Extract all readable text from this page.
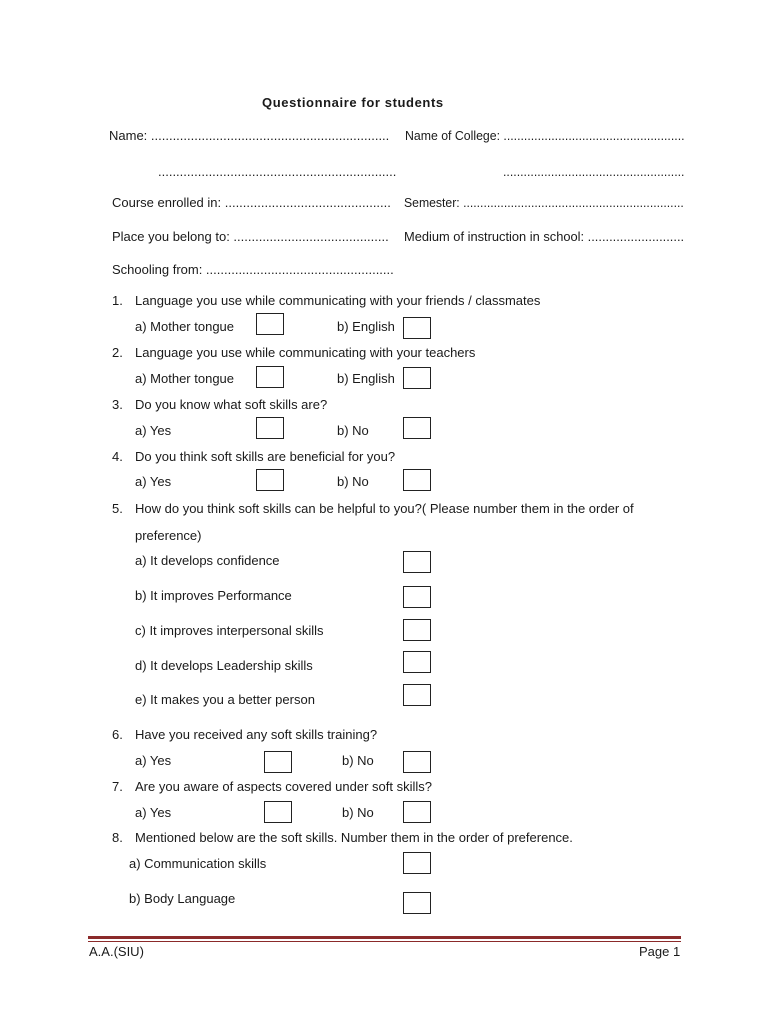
Questionnaire for students
Name: ..................................................................
..................................................................
Name of College: .....................................................
.....................................................
Course enrolled in: .............................................. Semester: .................................................................
Place you belong to: ........................................... Medium of instruction in school: ...........................
Schooling from: ....................................................
1. Language you use while communicating with your friends / classmates
a) Mother tongue	b) English
2. Language you use while communicating with your teachers
a) Mother tongue	b) English
3. Do you know what soft skills are?
a) Yes	b) No
4. Do you think soft skills are beneficial for you?
a) Yes	b) No
5. How do you think soft skills can be helpful to you?( Please number them in the order of
preference)
a) It develops confidence
b) It improves Performance
c) It improves interpersonal skills
d) It develops Leadership skills
e) It makes you a better person
6. Have you received any soft skills training?
a) Yes	b) No
7. Are you aware of aspects covered under soft skills?
a) Yes	b) No
8. Mentioned below are the soft skills. Number them in the order of preference.
a) Communication skills
b) Body Language
A.A.(SIU)	Page 1
